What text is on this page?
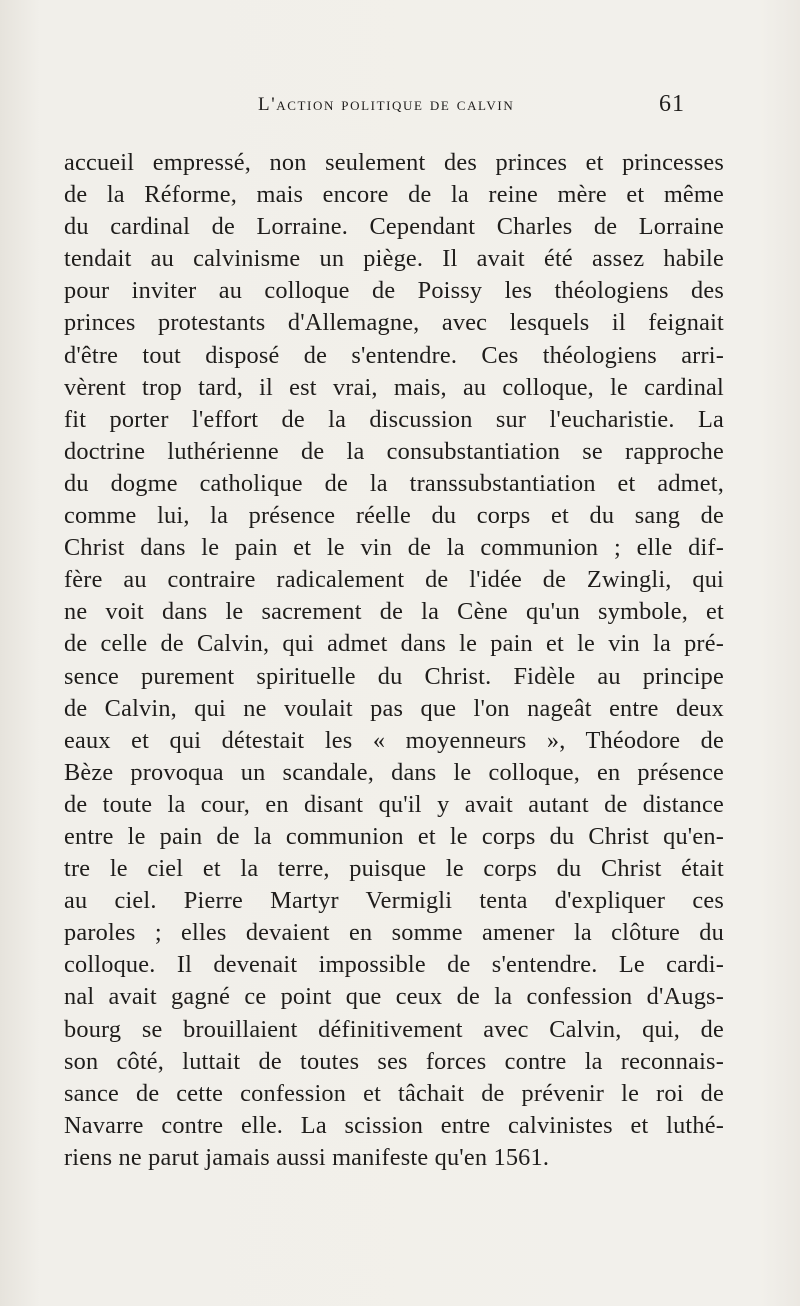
L'action politique de calvin	61
accueil empressé, non seulement des princes et princesses
de la Réforme, mais encore de la reine mère et même
du cardinal de Lorraine. Cependant Charles de Lorraine
tendait au calvinisme un piège. Il avait été assez habile
pour inviter au colloque de Poissy les théologiens des
princes protestants d'Allemagne, avec lesquels il feignait
d'être tout disposé de s'entendre. Ces théologiens arri-
vèrent trop tard, il est vrai, mais, au colloque, le cardinal
fit porter l'effort de la discussion sur l'eucharistie. La
doctrine luthérienne de la consubstantiation se rapproche
du dogme catholique de la transsubstantiation et admet,
comme lui, la présence réelle du corps et du sang de
Christ dans le pain et le vin de la communion ; elle dif-
fère au contraire radicalement de l'idée de Zwingli, qui
ne voit dans le sacrement de la Cène qu'un symbole, et
de celle de Calvin, qui admet dans le pain et le vin la pré-
sence purement spirituelle du Christ. Fidèle au principe
de Calvin, qui ne voulait pas que l'on nageât entre deux
eaux et qui détestait les « moyenneurs », Théodore de
Bèze provoqua un scandale, dans le colloque, en présence
de toute la cour, en disant qu'il y avait autant de distance
entre le pain de la communion et le corps du Christ qu'en-
tre le ciel et la terre, puisque le corps du Christ était
au ciel. Pierre Martyr Vermigli tenta d'expliquer ces
paroles ; elles devaient en somme amener la clôture du
colloque. Il devenait impossible de s'entendre. Le cardi-
nal avait gagné ce point que ceux de la confession d'Augs-
bourg se brouillaient définitivement avec Calvin, qui, de
son côté, luttait de toutes ses forces contre la reconnais-
sance de cette confession et tâchait de prévenir le roi de
Navarre contre elle. La scission entre calvinistes et luthé-
riens ne parut jamais aussi manifeste qu'en 1561.
